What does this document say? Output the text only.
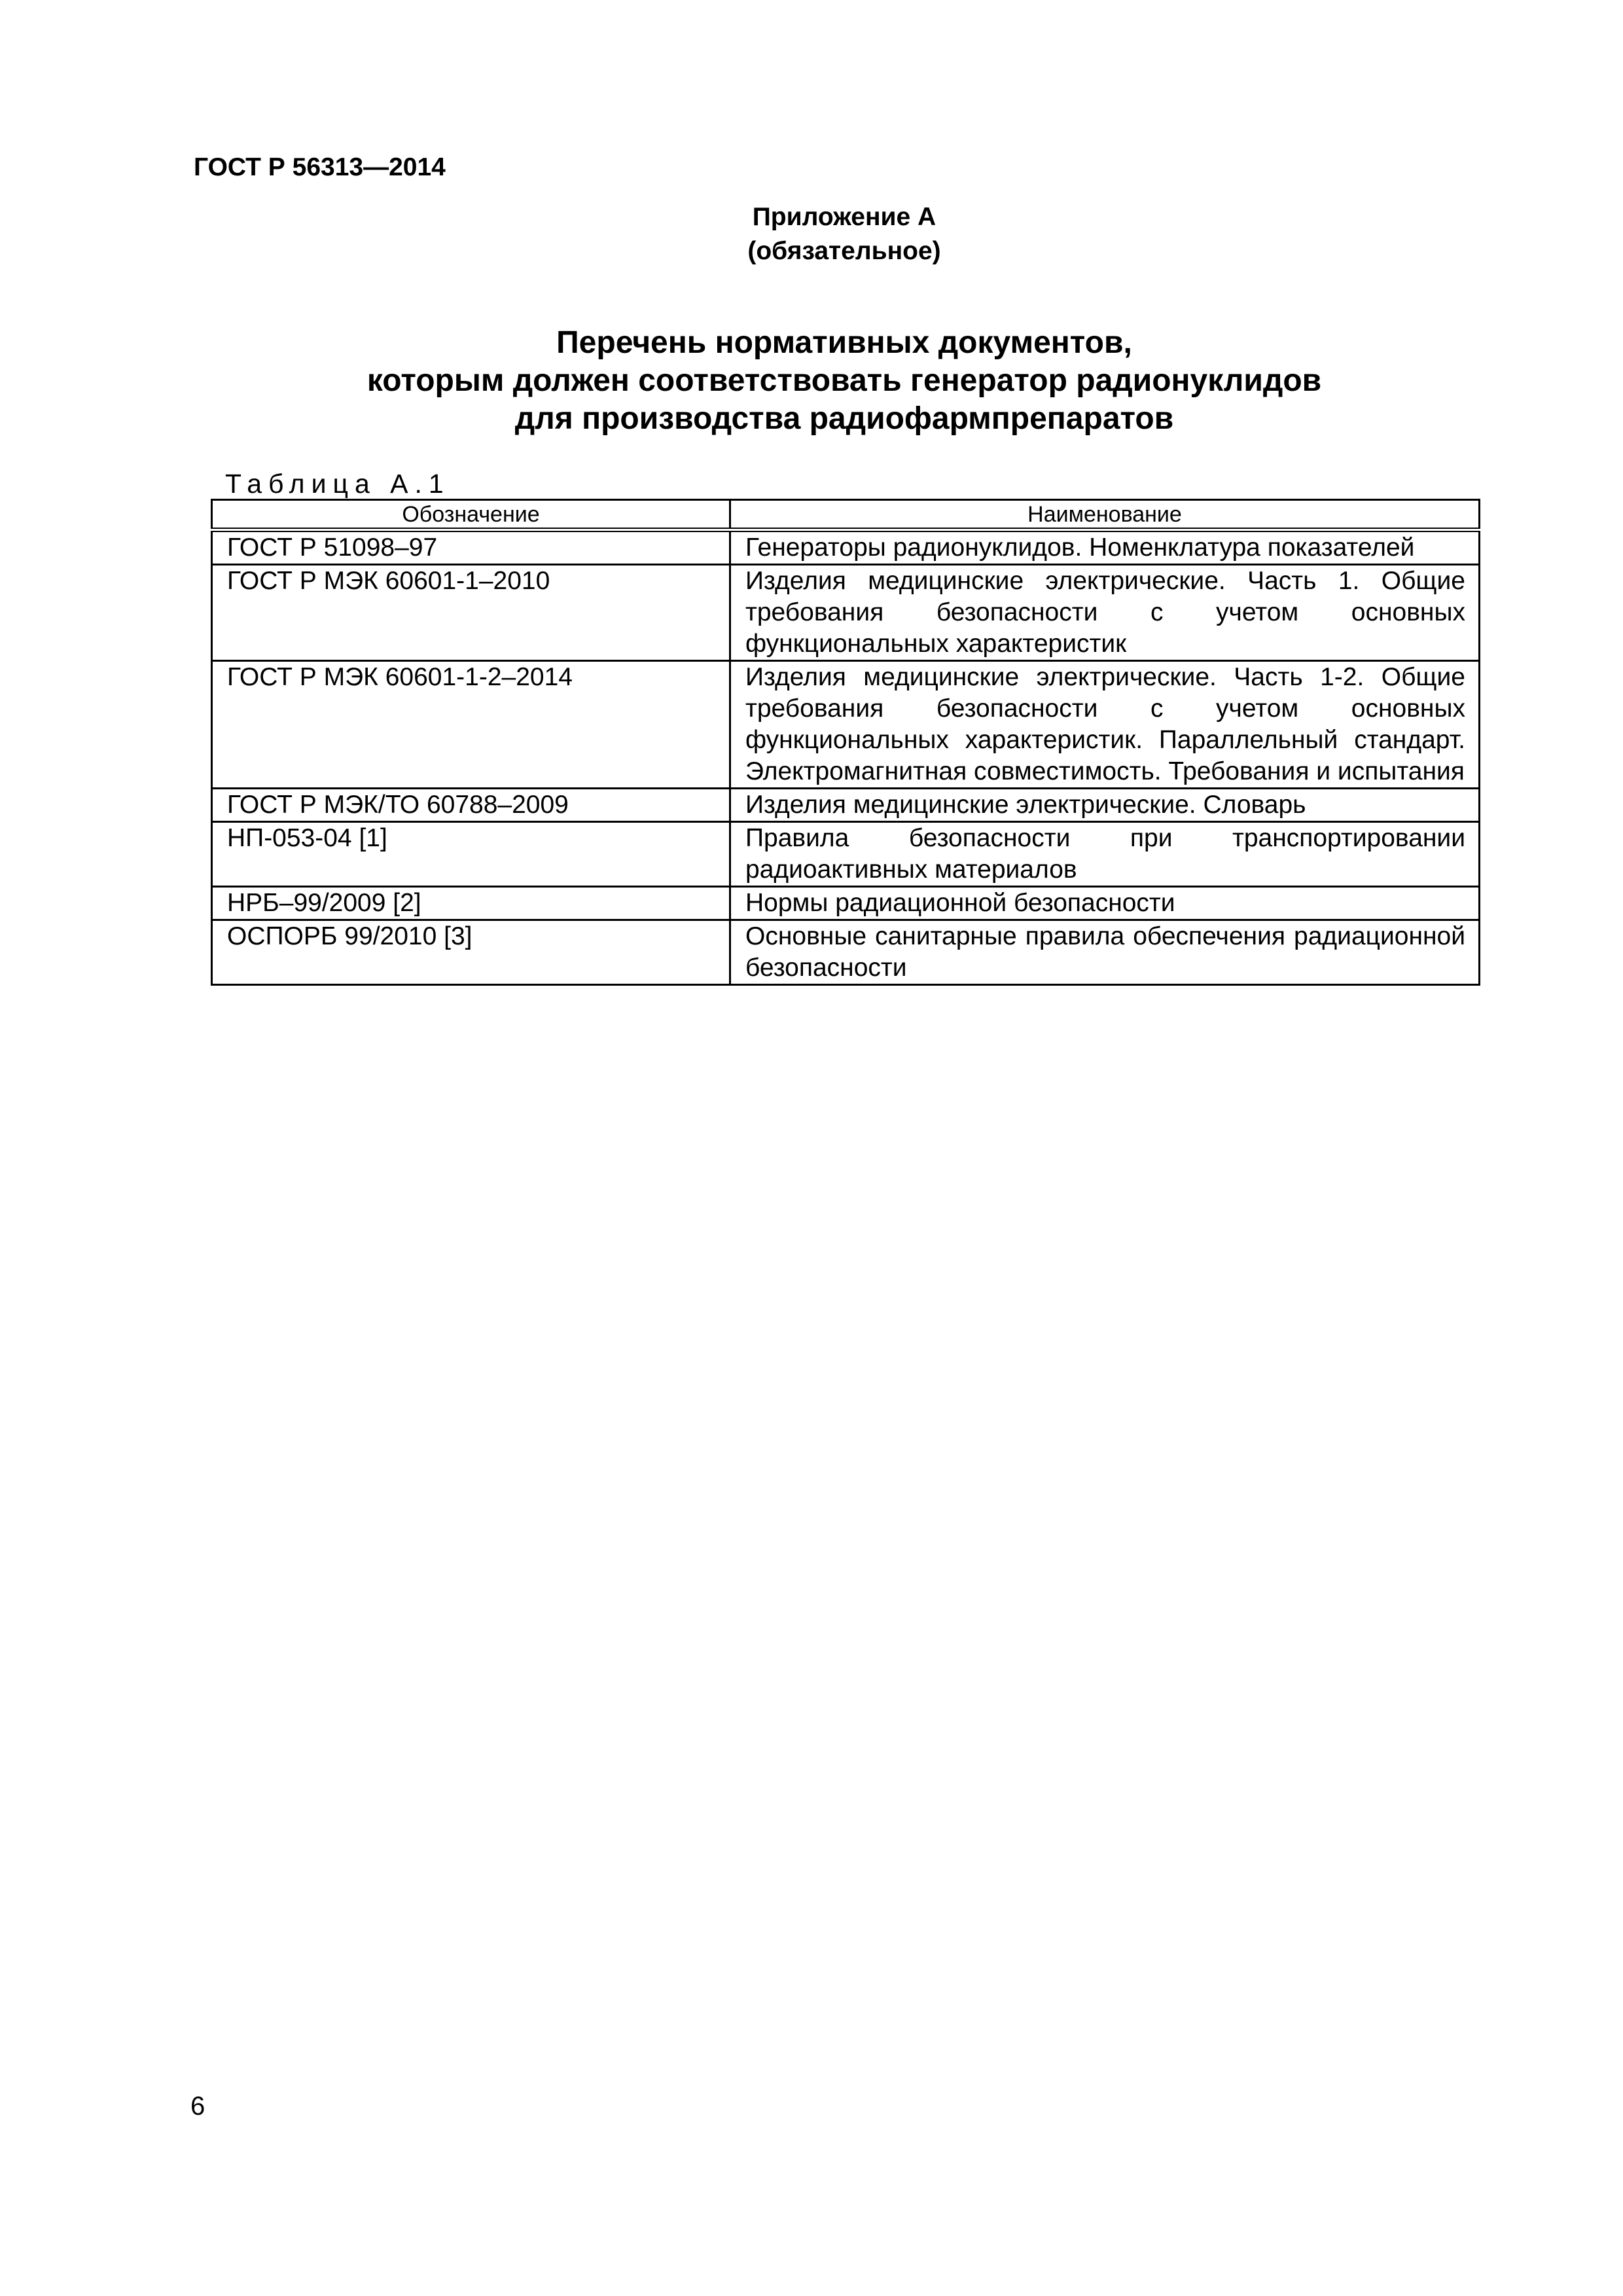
ГОСТ Р 56313—2014
Приложение А
(обязательное)
Перечень нормативных документов,
которым должен соответствовать генератор радионуклидов
для производства радиофармпрепаратов
Таблица А.1
Обозначение	Наименование
ГОСТ Р 51098–97	Генераторы радионуклидов. Номенклатура показателей
ГОСТ Р МЭК 60601-1–2010	Изделия медицинские электрические. Часть 1. Общие требования безопасности с учетом основных функциональных характеристик
ГОСТ Р МЭК 60601-1-2–2014	Изделия медицинские электрические. Часть 1-2. Общие требования безопасности с учетом основных функциональных характеристик. Параллельный стандарт. Электромагнитная совместимость. Требования и испытания
ГОСТ Р МЭК/ТО 60788–2009	Изделия медицинские электрические. Словарь
НП-053-04 [1]	Правила безопасности при транспортировании радиоактивных материалов
НРБ–99/2009 [2]	Нормы радиационной безопасности
ОСПОРБ 99/2010 [3]	Основные санитарные правила обеспечения радиационной безопасности
6
